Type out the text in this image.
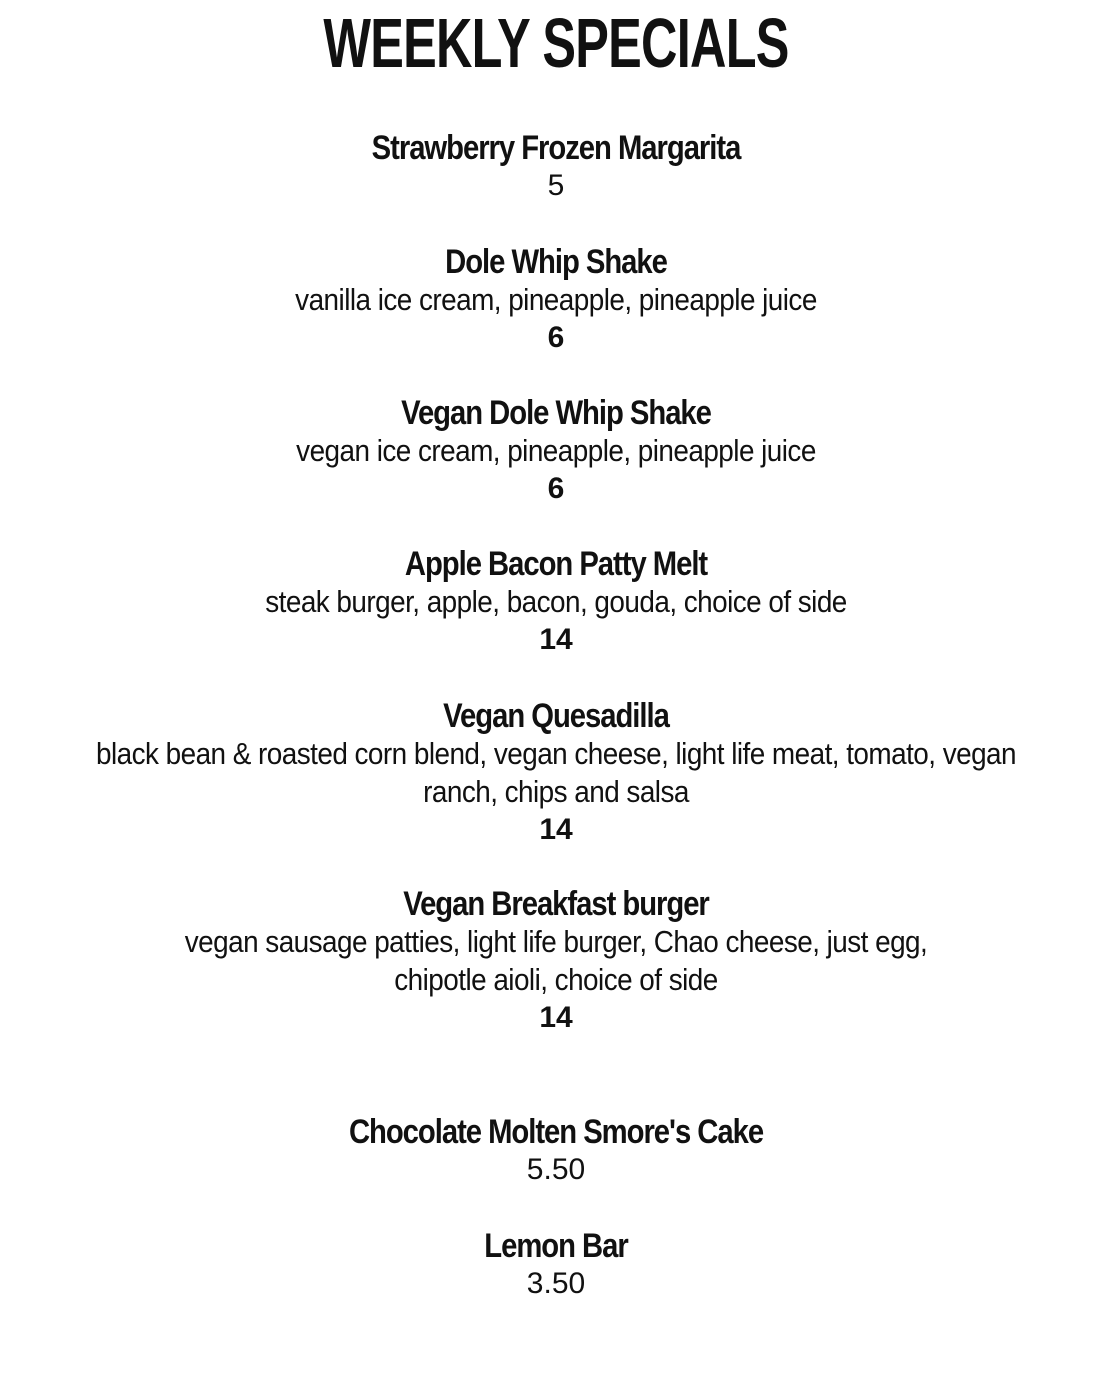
WEEKLY SPECIALS
Strawberry Frozen Margarita
5
Dole Whip Shake
vanilla ice cream, pineapple, pineapple juice
6
Vegan Dole Whip Shake
vegan ice cream, pineapple, pineapple juice
6
Apple Bacon Patty Melt
steak burger, apple, bacon, gouda, choice of side
14
Vegan Quesadilla
black bean & roasted corn blend, vegan cheese, light life meat, tomato, vegan
ranch, chips and salsa
14
Vegan Breakfast burger
vegan sausage patties, light life burger, Chao cheese, just egg,
chipotle aioli, choice of side
14
Chocolate Molten Smore's Cake
5.50
Lemon Bar
3.50
